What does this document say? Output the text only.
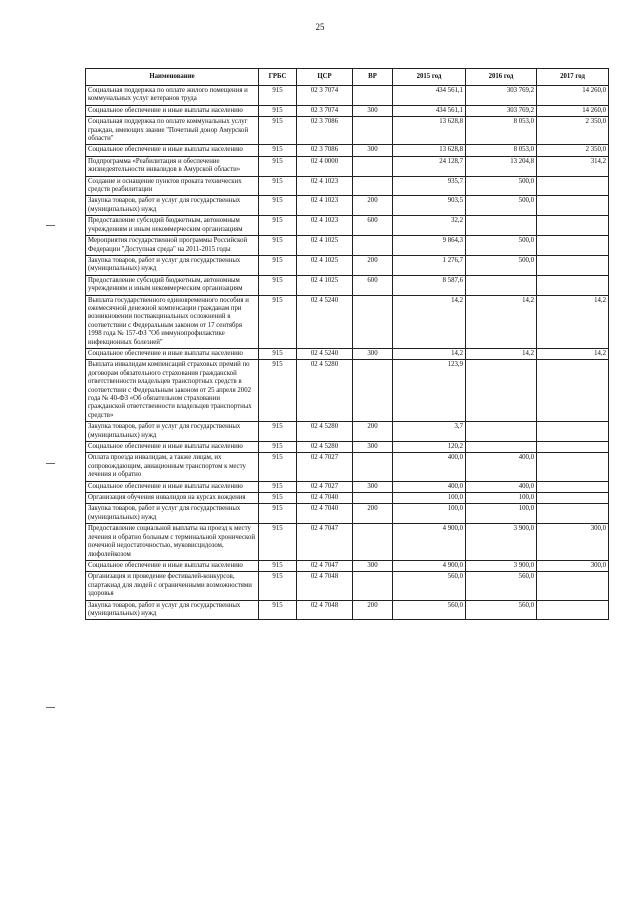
25
Наименование	ГРБС	ЦСР	ВР	2015 год	2016 год	2017 год
Социальная поддержка по оплате жилого помещения и коммунальных услуг ветеранов труда	915	02 3 7074		434 561,1	303 769,2	14 260,0
Социальное обеспечение и иные выплаты населению	915	02 3 7074	300	434 561,1	303 769,2	14 260,0
Социальная поддержка по оплате коммунальных услуг граждан, имеющих звание "Почетный донор Амурской области"	915	02 3 7086		13 628,8	8 053,0	2 350,0
Социальное обеспечение и иные выплаты населению	915	02 3 7086	300	13 628,8	8 053,0	2 350,0
Подпрограмма «Реабилитация и обеспечение жизнедеятельности инвалидов в Амурской области»	915	02 4 0000		24 128,7	13 204,8	314,2
Создание и оснащение пунктов проката технических средств реабилитации	915	02 4 1023		935,7	500,0	
Закупка товаров, работ и услуг для государственных (муниципальных) нужд	915	02 4 1023	200	903,5	500,0	
Предоставление субсидий бюджетным, автономным учреждениям и иным некоммерческим организациям	915	02 4 1023	600	32,2		
Мероприятия государственной программы Российской Федерации "Доступная среда" на 2011-2015 годы	915	02 4 1025		9 864,3	500,0	
Закупка товаров, работ и услуг для государственных (муниципальных) нужд	915	02 4 1025	200	1 276,7	500,0	
Предоставление субсидий бюджетным, автономным учреждениям и иным некоммерческим организациям	915	02 4 1025	600	8 587,6		
Выплата государственного единовременного пособия и ежемесячной денежной компенсации гражданам при возникновении поствакцинальных осложнений в соответствии с Федеральным законом от 17 сентября 1998 года № 157-ФЗ "Об иммунопрофилактике инфекционных болезней"	915	02 4 5240		14,2	14,2	14,2
Социальное обеспечение и иные выплаты населению	915	02 4 5240	300	14,2	14,2	14,2
Выплата инвалидам компенсаций страховых премий по договорам обязательного страхования гражданской ответственности владельцев транспортных средств в соответствии с Федеральным законом от 25 апреля 2002 года № 40-ФЗ «Об обязательном страховании гражданской ответственности владельцев транспортных средств»	915	02 4 5280		123,9		
Закупка товаров, работ и услуг для государственных (муниципальных) нужд	915	02 4 5280	200	3,7		
Социальное обеспечение и иные выплаты населению	915	02 4 5280	300	120,2		
Оплата проезда инвалидам, а также лицам, их сопровождающим, авиационным транспортом к месту лечения и обратно	915	02 4 7027		400,0	400,0	
Социальное обеспечение и иные выплаты населению	915	02 4 7027	300	400,0	400,0	
Организация обучения инвалидов на курсах вождения	915	02 4 7040		100,0	100,0	
Закупка товаров, работ и услуг для государственных (муниципальных) нужд	915	02 4 7040	200	100,0	100,0	
Предоставление социальной выплаты на проезд к месту лечения и обратно больным с терминальной хронической почечной недостаточностью, муковисцидозом, люфолейкозом	915	02 4 7047		4 900,0	3 900,0	300,0
Социальное обеспечение и иные выплаты населению	915	02 4 7047	300	4 900,0	3 900,0	300,0
Организация и проведение фестивалей-конкурсов, спартакиад для людей с ограниченными возможностями здоровья	915	02 4 7048		560,0	560,0	
Закупка товаров, работ и услуг для государственных (муниципальных) нужд	915	02 4 7048	200	560,0	560,0	
